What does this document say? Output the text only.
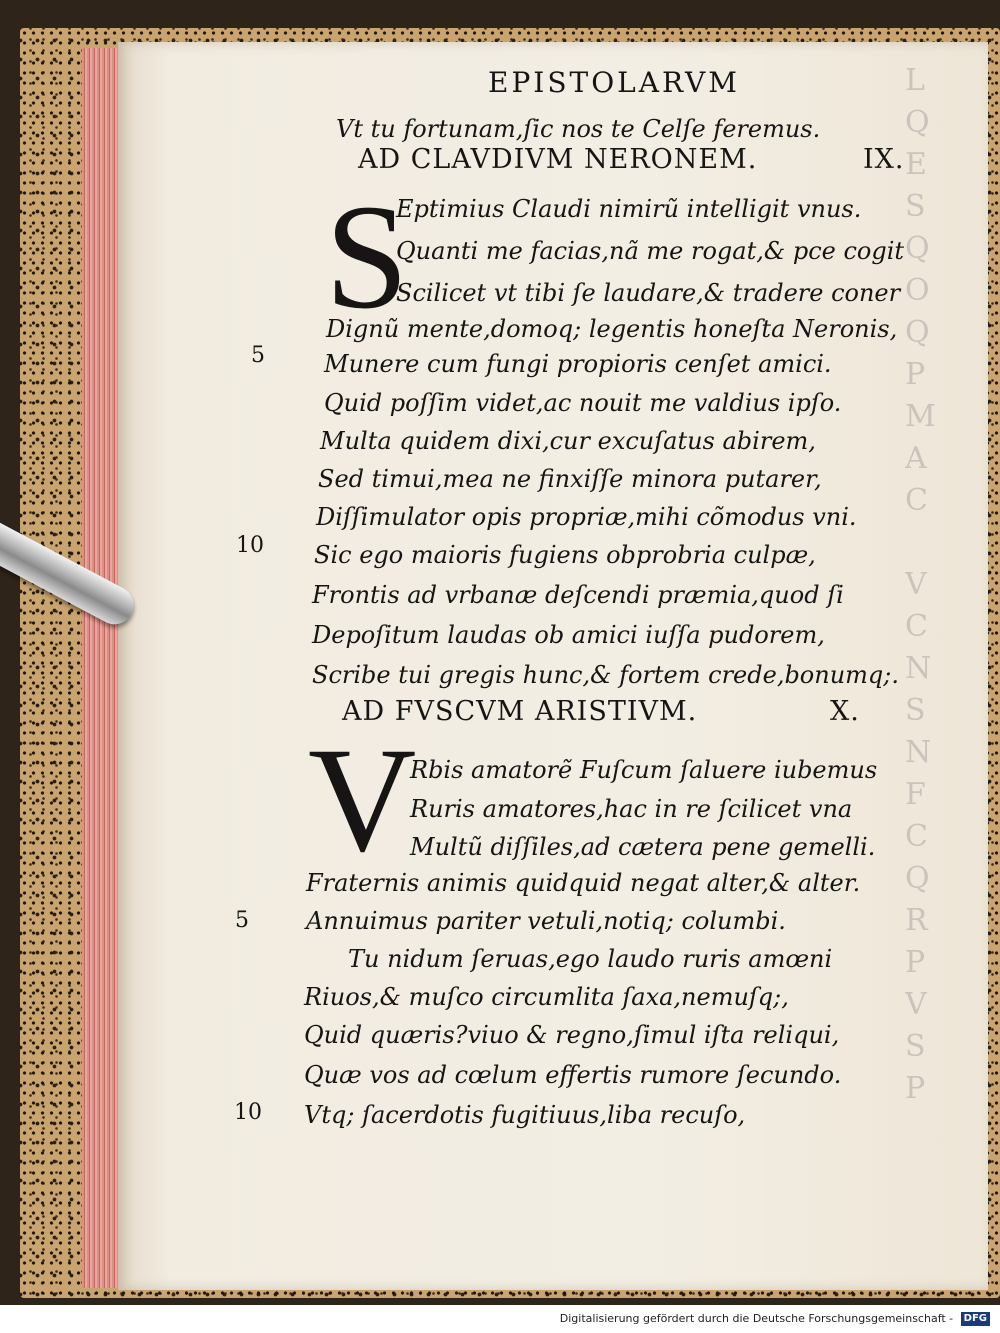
L
Q
E
S
Q
O
Q
P
M
A
C

V
C
N
S
N
F
C
Q
R
P
V
S
P
EPISTOLARVM
Vt tu fortunam,ſic nos te Celſe feremus.
AD CLAVDIVM NERONEM.	IX.
S
Eptimius Claudi nimirũ intelligit vnus.
Quanti me facias,nã me rogat,& pce cogit
Scilicet vt tibi ſe laudare,& tradere coner
Dignũ mente,domoq; legentis honeſta Neronis,
5	Munere cum fungi propioris cenſet amici.
Quid poſſim videt,ac nouit me valdius ipſo.
Multa quidem dixi,cur excuſatus abirem,
Sed timui,mea ne finxiſſe minora putarer,
Diſſimulator opis propriæ,mihi cõmodus vni.
10 Sic ego maioris fugiens obprobria culpæ,
Frontis ad vrbanæ deſcendi præmia,quod ſi
Depoſitum laudas ob amici iuſſa pudorem,
Scribe tui gregis hunc,& fortem crede,bonumq;.
AD FVSCVM ARISTIVM.	X.
V
Rbis amatorẽ Fuſcum ſaluere iubemus
Ruris amatores,hac in re ſcilicet vna
Multũ diſſiles,ad cætera pene gemelli.
Fraternis animis quidquid negat alter,& alter.
5	Annuimus pariter vetuli,notiq; columbi.
Tu nidum ſeruas,ego laudo ruris amœni
Riuos,& muſco circumlita ſaxa,nemuſq;,
Quid quæris?viuo & regno,ſimul iſta reliqui,
Quæ vos ad cœlum effertis rumore ſecundo.
10 Vtq; ſacerdotis fugitiuus,liba recuſo,
Digitalisierung gefördert durch die Deutsche Forschungsgemeinschaft - DFG
